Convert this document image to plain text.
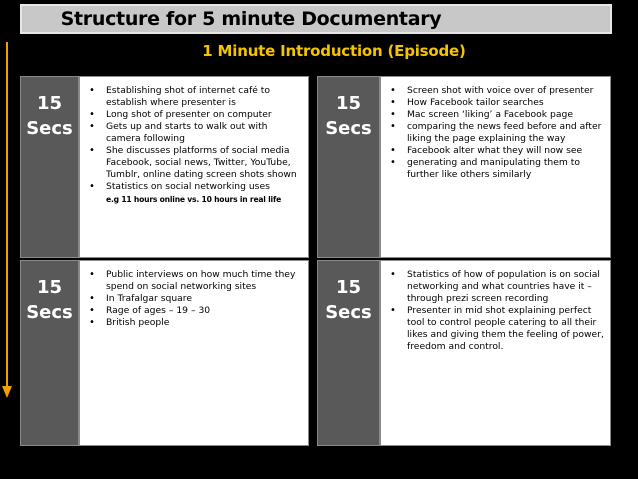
Structure for 5 minute Documentary
1 Minute Introduction (Episode)
15
Secs
• Establishing shot of internet café to establish where presenter is
• Long shot of presenter on computer
• Gets up and starts to walk out with camera following
• She discusses platforms of social media
Facebook, social news, Twitter, YouTube, Tumblr, online dating screen shots shown
• Statistics on social networking uses
e.g 11 hours online vs. 10 hours in real life
15
Secs
• Screen shot with voice over of presenter
• How Facebook tailor searches
• Mac screen ‘liking’ a Facebook page
• comparing the news feed before and after liking the page explaining the way
• Facebook alter what they will now see
• generating and manipulating them to further like others similarly
15
Secs
• Public interviews on how much time they spend on social networking sites
• In Trafalgar square
• Rage of ages – 19 – 30
• British people
15
Secs
• Statistics of how of population is on social networking and what countries have it – through prezi screen recording
• Presenter in mid shot explaining perfect tool to control people catering to all their likes and giving them the feeling of power, freedom and control.
